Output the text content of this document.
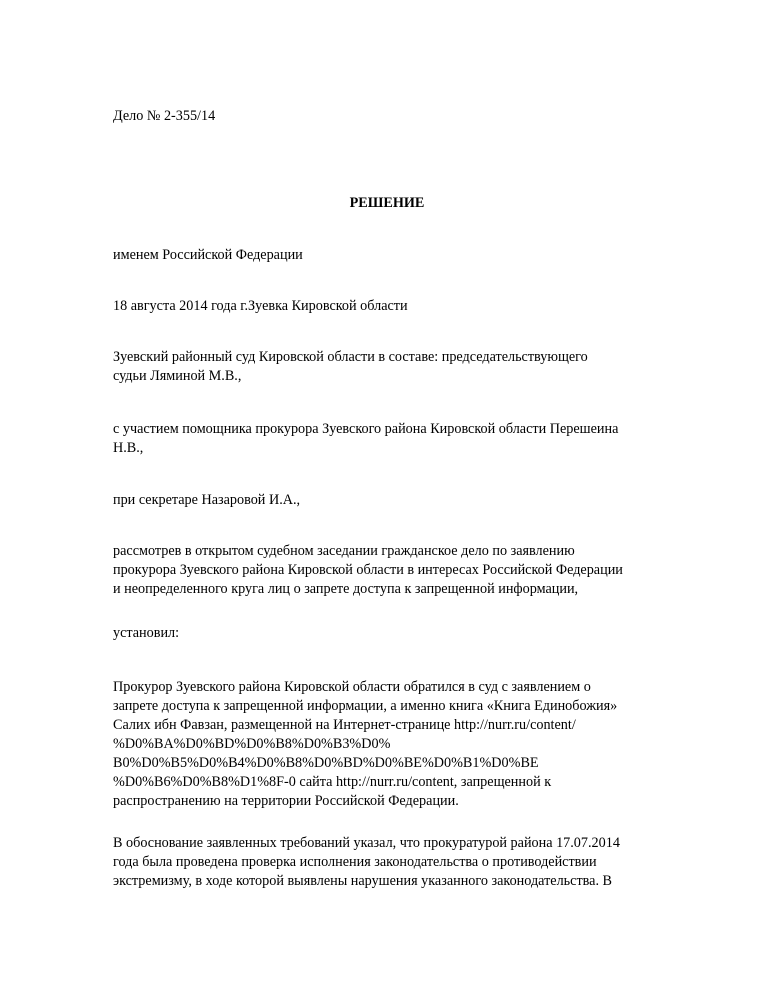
Дело № 2-355/14

РЕШЕНИЕ

именем Российской Федерации

18 августа 2014 года г.Зуевка Кировской области

Зуевский районный суд Кировской области в составе: председательствующего

судьи Ляминой М.В.,

с участием помощника прокурора Зуевского района Кировской области Перешеина

Н.В.,

при секретаре Назаровой И.А.,

рассмотрев в открытом судебном заседании гражданское дело по заявлению

прокурора Зуевского района Кировской области в интересах Российской Федерации

и неопределенного круга лиц о запрете доступа к запрещенной информации,

установил:

Прокурор Зуевского района Кировской области обратился в суд с заявлением о

запрете доступа к запрещенной информации, а именно книга «Книга Единобожия»

Салих ибн Фавзан, размещенной на Интернет-странице http://nurr.ru/content/

%D0%BA%D0%BD%D0%B8%D0%B3%D0%

B0%D0%B5%D0%B4%D0%B8%D0%BD%D0%BE%D0%B1%D0%BE

%D0%B6%D0%B8%D1%8F-0 сайта http://nurr.ru/content, запрещенной к

распространению на территории Российской Федерации.

В обоснование заявленных требований указал, что прокуратурой района 17.07.2014

года была проведена проверка исполнения законодательства о противодействии

экстремизму, в ходе которой выявлены нарушения указанного законодательства. В
